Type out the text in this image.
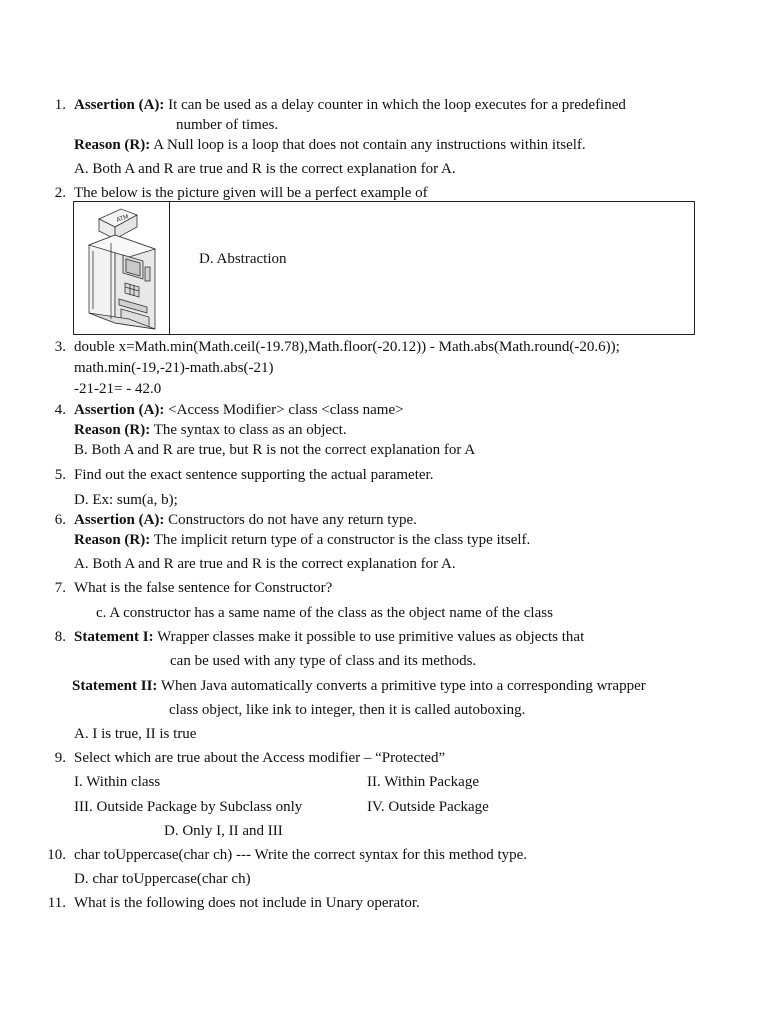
1. Assertion (A): It can be used as a delay counter in which the loop executes for a predefined
number of times.
Reason (R): A Null loop is a loop that does not contain any instructions within itself.
A. Both A and R are true and R is the correct explanation for A.
2. The below is the picture given will be a perfect example of
ATM
D. Abstraction
3. double x=Math.min(Math.ceil(-19.78),Math.floor(-20.12)) - Math.abs(Math.round(-20.6));
math.min(-19,-21)-math.abs(-21)
-21-21= - 42.0
4. Assertion (A): <Access Modifier> class <class name>
Reason (R): The syntax to class as an object.
B. Both A and R are true, but R is not the correct explanation for A
5. Find out the exact sentence supporting the actual parameter.
D. Ex: sum(a, b);
6. Assertion (A): Constructors do not have any return type.
Reason (R): The implicit return type of a constructor is the class type itself.
A. Both A and R are true and R is the correct explanation for A.
7. What is the false sentence for Constructor?
c. A constructor has a same name of the class as the object name of the class
8. Statement I: Wrapper classes make it possible to use primitive values as objects that
can be used with any type of class and its methods.
Statement II: When Java automatically converts a primitive type into a corresponding wrapper
class object, like ink to integer, then it is called autoboxing.
A. I is true, II is true
9. Select which are true about the Access modifier – “Protected”
I. Within class	II. Within Package
III. Outside Package by Subclass only	IV. Outside Package
D. Only I, II and III
10. char toUppercase(char ch) --- Write the correct syntax for this method type.
D. char toUppercase(char ch)
11. What is the following does not include in Unary operator.
